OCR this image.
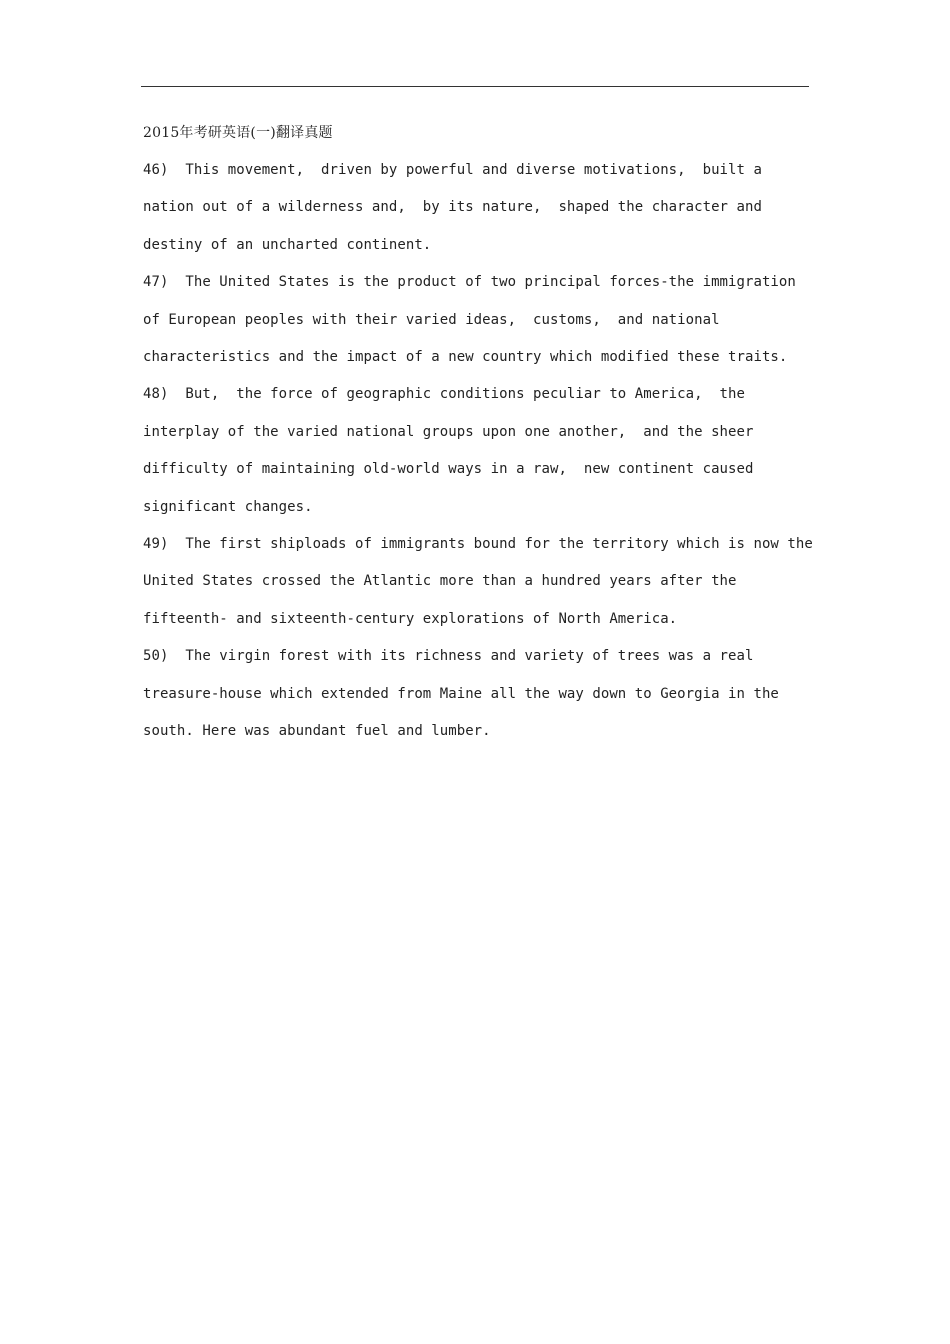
2015年考研英语(一)翻译真题
46)  This movement,  driven by powerful and diverse motivations,  built a
nation out of a wilderness and,  by its nature,  shaped the character and
destiny of an uncharted continent.
47)  The United States is the product of two principal forces-the immigration
of European peoples with their varied ideas,  customs,  and national
characteristics and the impact of a new country which modified these traits.
48)  But,  the force of geographic conditions peculiar to America,  the
interplay of the varied national groups upon one another,  and the sheer
difficulty of maintaining old-world ways in a raw,  new continent caused
significant changes.
49)  The first shiploads of immigrants bound for the territory which is now the
United States crossed the Atlantic more than a hundred years after the
fifteenth- and sixteenth-century explorations of North America.
50)  The virgin forest with its richness and variety of trees was a real
treasure-house which extended from Maine all the way down to Georgia in the
south. Here was abundant fuel and lumber.
